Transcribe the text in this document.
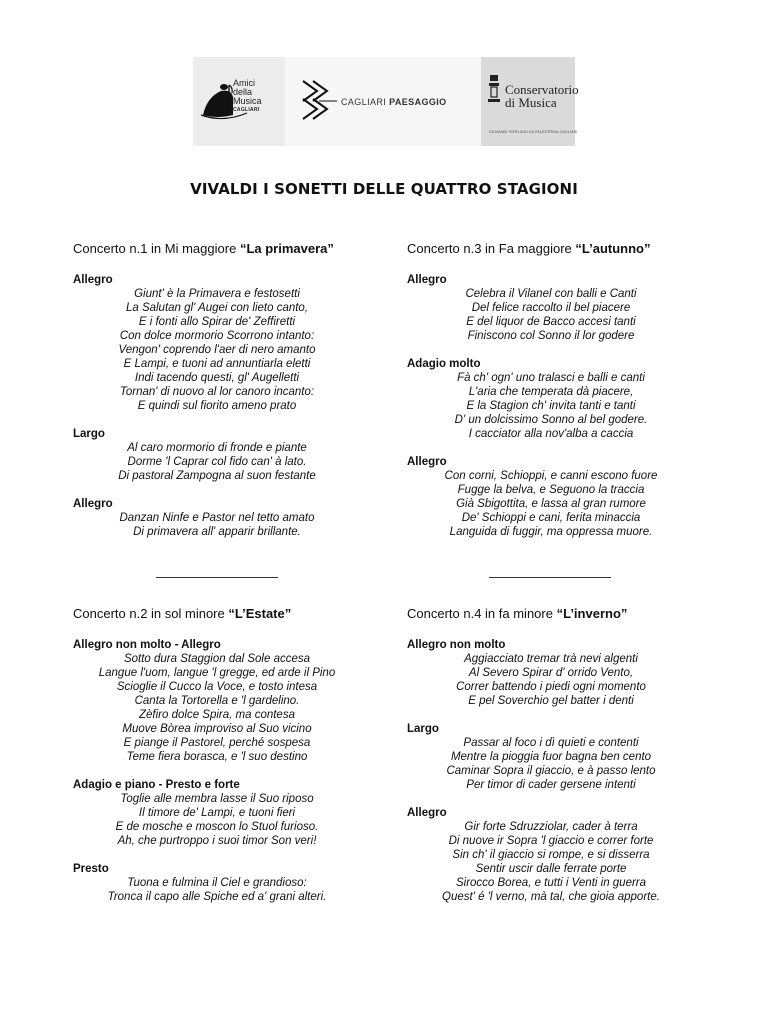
Amici
della
Musica
CAGLIARI
CAGLIARI PAESAGGIO
Conservatorio
di Musica
GIOVANNI PIERLUIGI DA PALESTRINA CAGLIARI
VIVALDI I SONETTI DELLE QUATTRO STAGIONI
Concerto n.1 in Mi maggiore “La primavera”
Allegro
Giunt' è la Primavera e festosetti
La Salutan gl' Augei con lieto canto,
E i fonti allo Spirar de' Zeffiretti
Con dolce mormorio Scorrono intanto:
Vengon' coprendo l'aer di nero amanto
E Lampi, e tuoni ad annuntiarla eletti
Indi tacendo questi, gl' Augelletti
Tornan' di nuovo al lor canoro incanto:
E quindi sul fiorito ameno prato
Largo
Al caro mormorio di fronde e piante
Dorme 'l Caprar col fido can' à lato.
Di pastoral Zampogna al suon festante
Allegro
Danzan Ninfe e Pastor nel tetto amato
Di primavera all' apparir brillante.
Concerto n.2 in sol minore “L’Estate”
Allegro non molto - Allegro
Sotto dura Staggion dal Sole accesa
Langue l'uom, langue 'l gregge, ed arde il Pino
Scioglie il Cucco la Voce, e tosto intesa
Canta la Tortorella e 'l gardelino.
Zèfiro dolce Spira, ma contesa
Muove Bòrea improviso al Suo vicino
E piange il Pastorel, perché sospesa
Teme fiera borasca, e 'l suo destino
Adagio e piano - Presto e forte
Toglie alle membra lasse il Suo riposo
Il timore de' Lampi, e tuoni fieri
E de mosche e moscon lo Stuol furioso.
Ah, che purtroppo i suoi timor Son veri!
Presto
Tuona e fulmina il Ciel e grandioso:
Tronca il capo alle Spiche ed a' grani alteri.
Concerto n.3 in Fa maggiore “L’autunno”
Allegro
Celebra il Vilanel con balli e Canti
Del felice raccolto il bel piacere
E del liquor de Bacco accesi tanti
Finiscono col Sonno il lor godere
Adagio molto
Fà ch' ogn' uno tralasci e balli e canti
L'aria che temperata dà piacere,
E la Stagion ch' invita tanti e tanti
D' un dolcissimo Sonno al bel godere.
I cacciator alla nov'alba a caccia
Allegro
Con corni, Schioppi, e canni escono fuore
Fugge la belva, e Seguono la traccia
Già Sbigottita, e lassa al gran rumore
De' Schioppi e cani, ferita minaccia
Languida di fuggir, ma oppressa muore.
Concerto n.4 in fa minore “L’inverno”
Allegro non molto
Aggiacciato tremar trà nevi algenti
Al Severo Spirar d' orrido Vento,
Correr battendo i piedi ogni momento
E pel Soverchio gel batter i denti
Largo
Passar al foco i dì quieti e contenti
Mentre la pioggia fuor bagna ben cento
Caminar Sopra il giaccio, e à passo lento
Per timor di cader gersene intenti
Allegro
Gir forte Sdruzziolar, cader à terra
Di nuove ir Sopra 'l giaccio e correr forte
Sin ch' il giaccio si rompe, e si disserra
Sentir uscir dalle ferrate porte
Sirocco Borea, e tutti i Venti in guerra
Quest' é 'l verno, mà tal, che gioia apporte.
